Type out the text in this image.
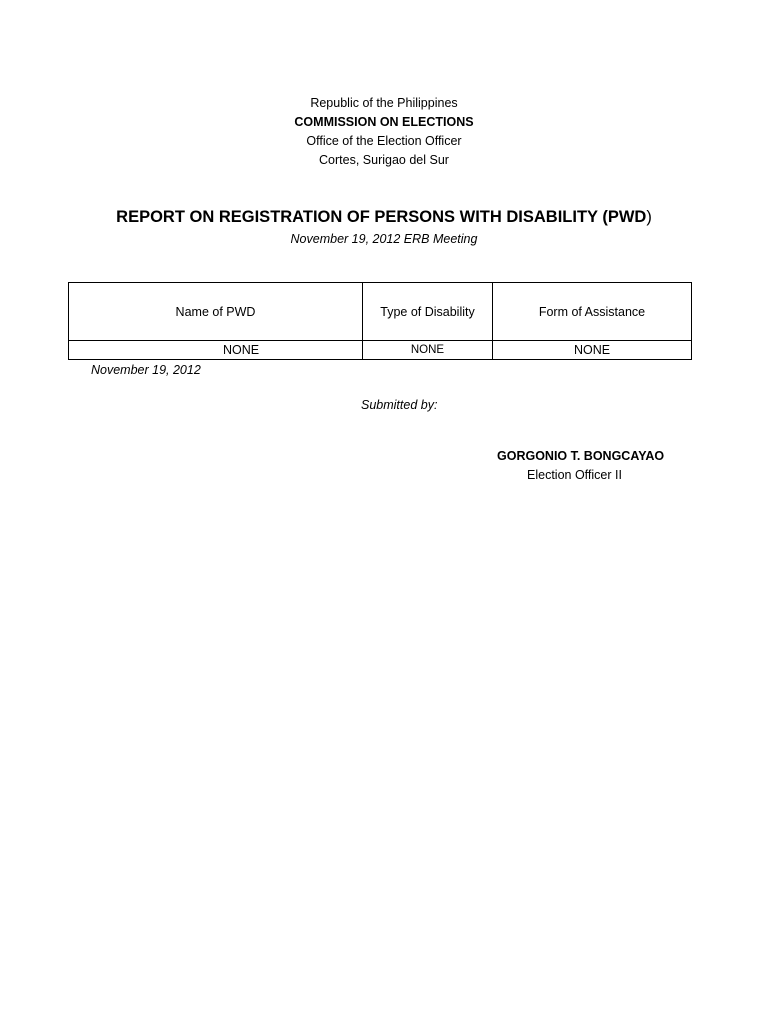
Republic of the Philippines
COMMISSION ON ELECTIONS
Office of the Election Officer
Cortes, Surigao del Sur
REPORT ON REGISTRATION OF PERSONS WITH DISABILITY (PWD)
November 19, 2012 ERB Meeting
Name of PWD	Type of Disability	Form of Assistance
NONE	NONE	NONE
November 19, 2012
Submitted by:
GORGONIO T. BONGCAYAO
Election Officer II
